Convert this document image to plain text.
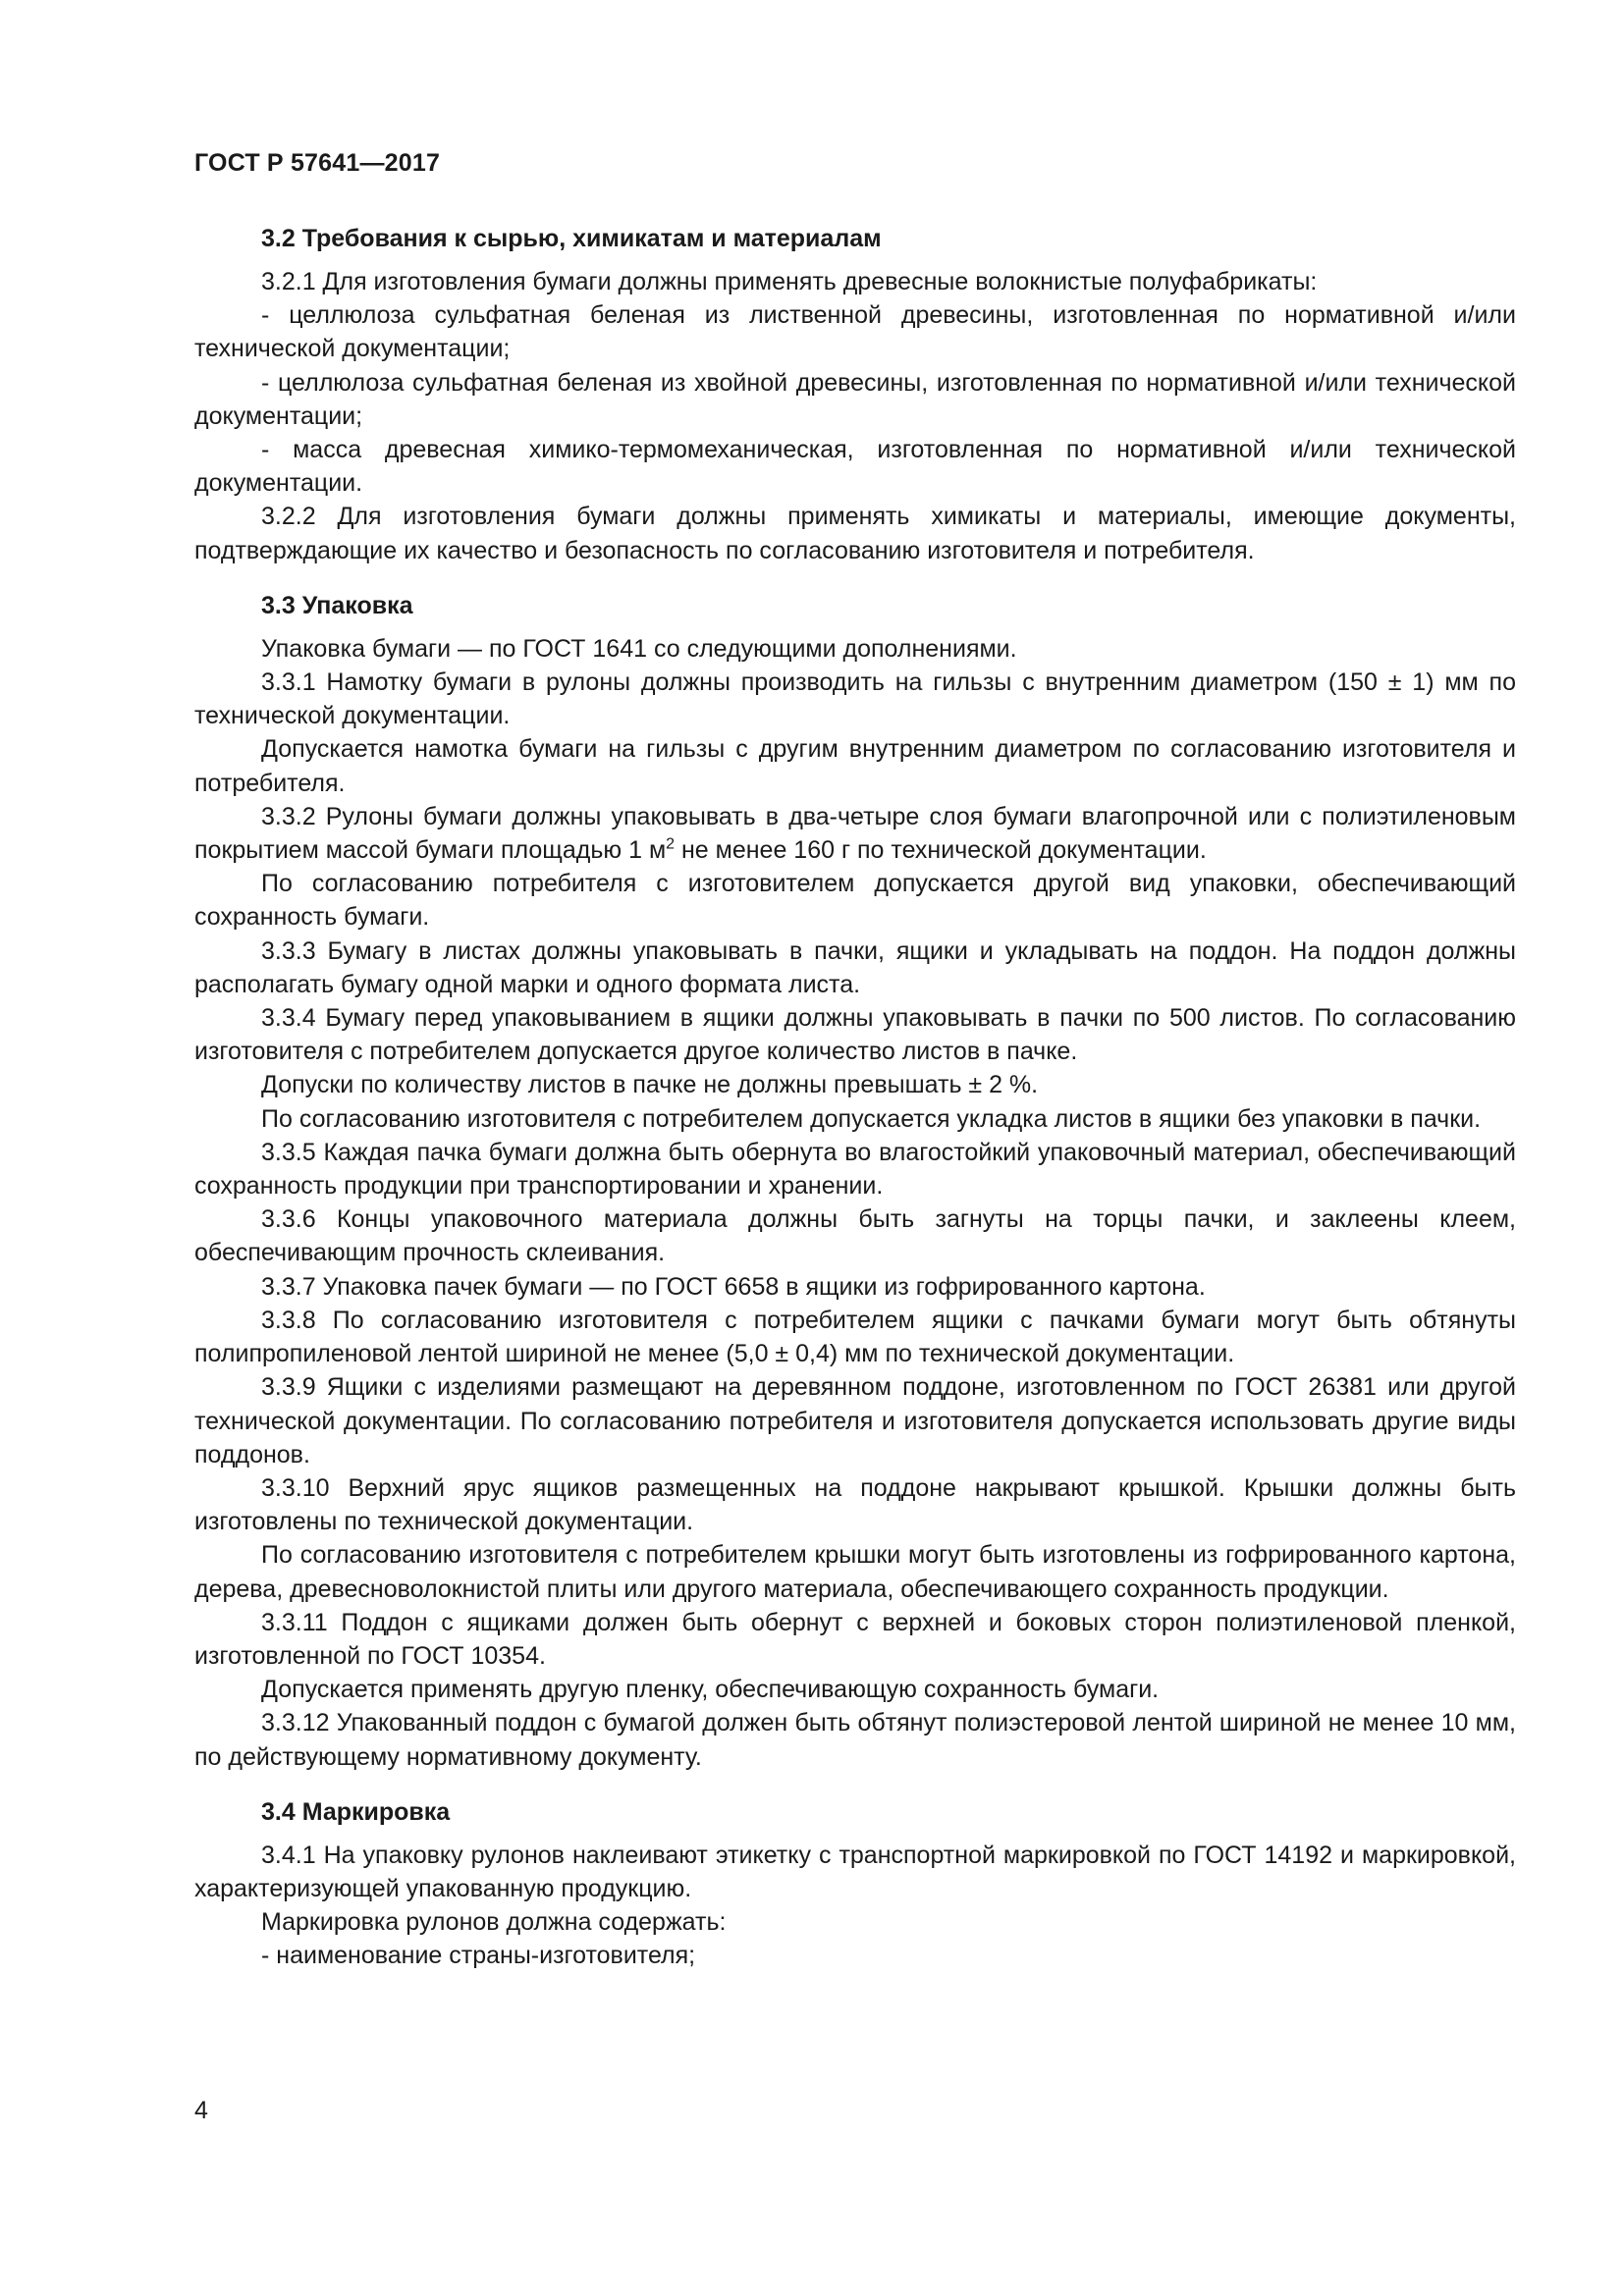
ГОСТ Р 57641—2017
3.2 Требования к сырью, химикатам и материалам

3.2.1 Для изготовления бумаги должны применять древесные волокнистые полуфабрикаты:

- целлюлоза сульфатная беленая из лиственной древесины, изготовленная по нормативной и/или технической документации;

- целлюлоза сульфатная беленая из хвойной древесины, изготовленная по нормативной и/или технической документации;

- масса древесная химико-термомеханическая, изготовленная по нормативной и/или технической документации.

3.2.2 Для изготовления бумаги должны применять химикаты и материалы, имеющие документы, подтверждающие их качество и безопасность по согласованию изготовителя и потребителя.

3.3 Упаковка

Упаковка бумаги — по ГОСТ 1641 со следующими дополнениями.

3.3.1 Намотку бумаги в рулоны должны производить на гильзы с внутренним диаметром (150 ± 1) мм по технической документации.

Допускается намотка бумаги на гильзы с другим внутренним диаметром по согласованию изготовителя и потребителя.

3.3.2 Рулоны бумаги должны упаковывать в два-четыре слоя бумаги влагопрочной или с полиэтиленовым покрытием массой бумаги площадью 1 $м^2$ не менее 160 г по технической документации.

По согласованию потребителя с изготовителем допускается другой вид упаковки, обеспечивающий сохранность бумаги.

3.3.3 Бумагу в листах должны упаковывать в пачки, ящики и укладывать на поддон. На поддон должны располагать бумагу одной марки и одного формата листа.

3.3.4 Бумагу перед упаковыванием в ящики должны упаковывать в пачки по 500 листов. По согласованию изготовителя с потребителем допускается другое количество листов в пачке.

Допуски по количеству листов в пачке не должны превышать ± 2 %.

По согласованию изготовителя с потребителем допускается укладка листов в ящики без упаковки в пачки.

3.3.5 Каждая пачка бумаги должна быть обернута во влагостойкий упаковочный материал, обеспечивающий сохранность продукции при транспортировании и хранении.

3.3.6 Концы упаковочного материала должны быть загнуты на торцы пачки, и заклеены клеем, обеспечивающим прочность склеивания.

3.3.7 Упаковка пачек бумаги — по ГОСТ 6658 в ящики из гофрированного картона.

3.3.8 По согласованию изготовителя с потребителем ящики с пачками бумаги могут быть обтянуты полипропиленовой лентой шириной не менее (5,0 ± 0,4) мм по технической документации.

3.3.9 Ящики с изделиями размещают на деревянном поддоне, изготовленном по ГОСТ 26381 или другой технической документации. По согласованию потребителя и изготовителя допускается использовать другие виды поддонов.

3.3.10 Верхний ярус ящиков размещенных на поддоне накрывают крышкой. Крышки должны быть изготовлены по технической документации.

По согласованию изготовителя с потребителем крышки могут быть изготовлены из гофрированного картона, дерева, древесноволокнистой плиты или другого материала, обеспечивающего сохранность продукции.

3.3.11 Поддон с ящиками должен быть обернут с верхней и боковых сторон полиэтиленовой пленкой, изготовленной по ГОСТ 10354.

Допускается применять другую пленку, обеспечивающую сохранность бумаги.

3.3.12 Упакованный поддон с бумагой должен быть обтянут полиэстеровой лентой шириной не менее 10 мм, по действующему нормативному документу.

3.4 Маркировка

3.4.1 На упаковку рулонов наклеивают этикетку с транспортной маркировкой по ГОСТ 14192 и маркировкой, характеризующей упакованную продукцию.

Маркировка рулонов должна содержать:

- наименование страны-изготовителя;

4
